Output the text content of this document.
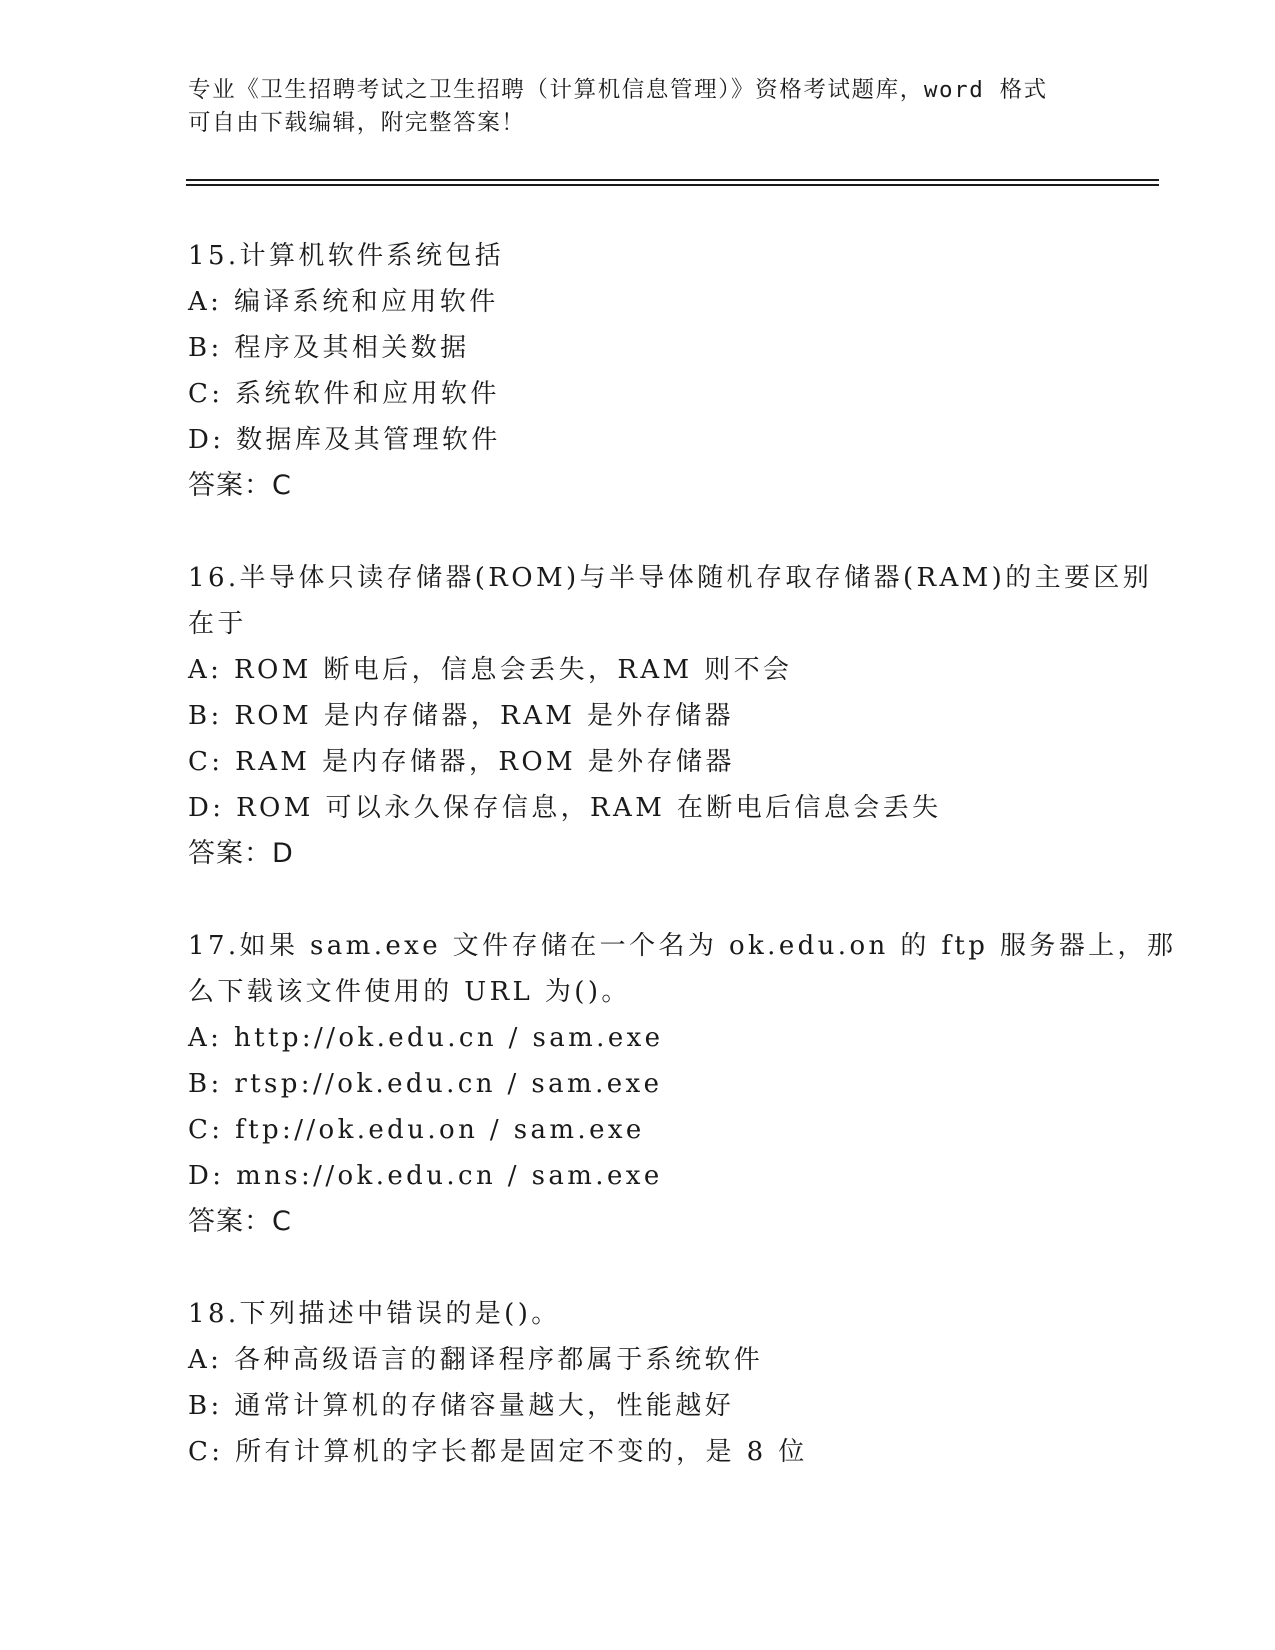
专业《卫生招聘考试之卫生招聘（计算机信息管理）》资格考试题库，word 格式
可自由下载编辑，附完整答案！
15.计算机软件系统包括
A: 编译系统和应用软件
B: 程序及其相关数据
C: 系统软件和应用软件
D: 数据库及其管理软件
答案：C
16.半导体只读存储器(ROM)与半导体随机存取存储器(RAM)的主要区别
在于
A: ROM 断电后，信息会丢失，RAM 则不会
B: ROM 是内存储器，RAM 是外存储器
C: RAM 是内存储器，ROM 是外存储器
D: ROM 可以永久保存信息，RAM 在断电后信息会丢失
答案：D
17.如果 sam.exe 文件存储在一个名为 ok.edu.on 的 ftp 服务器上，那
么下载该文件使用的 URL 为()。
A: http://ok.edu.cn / sam.exe
B: rtsp://ok.edu.cn / sam.exe
C: ftp://ok.edu.on / sam.exe
D: mns://ok.edu.cn / sam.exe
答案：C
18.下列描述中错误的是()。
A: 各种高级语言的翻译程序都属于系统软件
B: 通常计算机的存储容量越大，性能越好
C: 所有计算机的字长都是固定不变的，是 8 位
